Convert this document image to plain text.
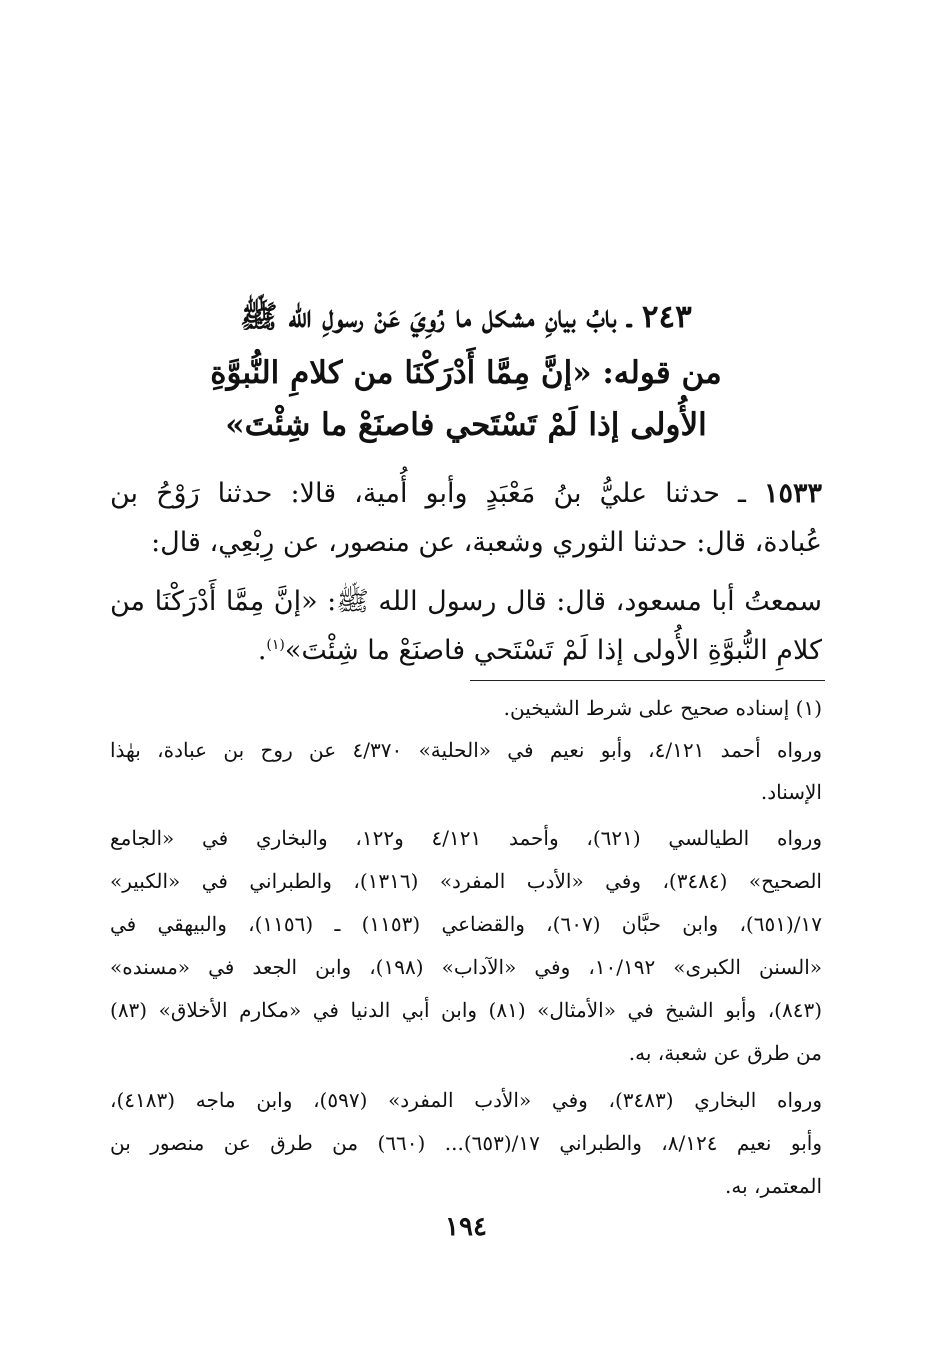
٢٤٣ ـ بابُ بيانِ مشكل ما رُوِيَ عَنْ رسولِ الله ﷺ
من قوله: «إنَّ مِمَّا أَدْرَكْنَا من كلامِ النُّبوَّةِ
الأُولى إذا لَمْ تَسْتَحي فاصنَعْ ما شِئْتَ»
١٥٣٣ ـ حدثنا عليُّ بنُ مَعْبَدٍ وأبو أُمية، قالا: حدثنا رَوْحُ بن
عُبادة، قال: حدثنا الثوري وشعبة، عن منصور، عن رِبْعِي، قال:
سمعتُ أبا مسعود، قال: قال رسول الله ﷺ: «إنَّ مِمَّا أَدْرَكْنَا من
كلامِ النُّبوَّةِ الأُولى إذا لَمْ تَسْتَحي فاصنَعْ ما شِئْتَ»$^{(١)}$.
(١) إسناده صحيح على شرط الشيخين.
ورواه أحمد ٤/١٢١، وأبو نعيم في «الحلية» ٤/٣٧٠ عن روح بن عبادة، بهٰذا
الإسناد.
ورواه الطيالسي (٦٢١)، وأحمد ٤/١٢١ و١٢٢، والبخاري في «الجامع
الصحيح» (٣٤٨٤)، وفي «الأدب المفرد» (١٣١٦)، والطبراني في «الكبير»
١٧/(٦٥١)، وابن حبَّان (٦٠٧)، والقضاعي (١١٥٣) ـ (١١٥٦)، والبيهقي في
«السنن الكبرى» ١٠/١٩٢، وفي «الآداب» (١٩٨)، وابن الجعد في «مسنده»
(٨٤٣)، وأبو الشيخ في «الأمثال» (٨١) وابن أبي الدنيا في «مكارم الأخلاق» (٨٣)
من طرق عن شعبة، به.
ورواه البخاري (٣٤٨٣)، وفي «الأدب المفرد» (٥٩٧)، وابن ماجه (٤١٨٣)،
وأبو نعيم ٨/١٢٤، والطبراني ١٧/(٦٥٣)... (٦٦٠) من طرق عن منصور بن
المعتمر، به.
١٩٤
